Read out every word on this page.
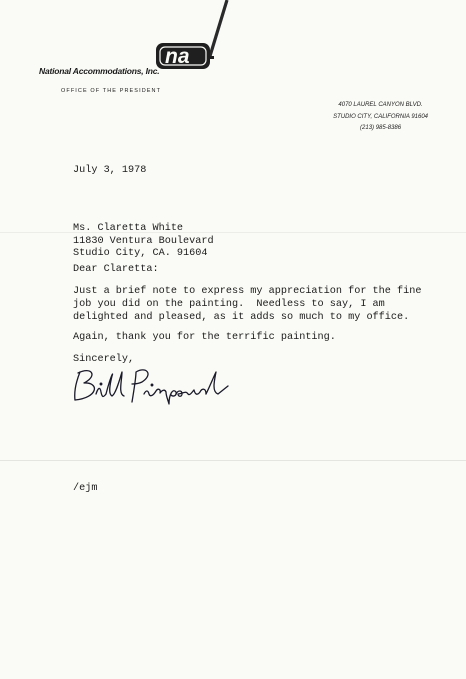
na
National Accommodations, Inc.
OFFICE OF THE PRESIDENT
4070 LAUREL CANYON BLVD.
STUDIO CITY, CALIFORNIA 91604
(213) 985-8386
July 3, 1978
Ms. Claretta White
11830 Ventura Boulevard
Studio City, CA. 91604
Dear Claretta:
Just a brief note to express my appreciation for the fine
job you did on the painting.  Needless to say, I am
delighted and pleased, as it adds so much to my office.
Again, thank you for the terrific painting.
Sincerely,
/ejm
